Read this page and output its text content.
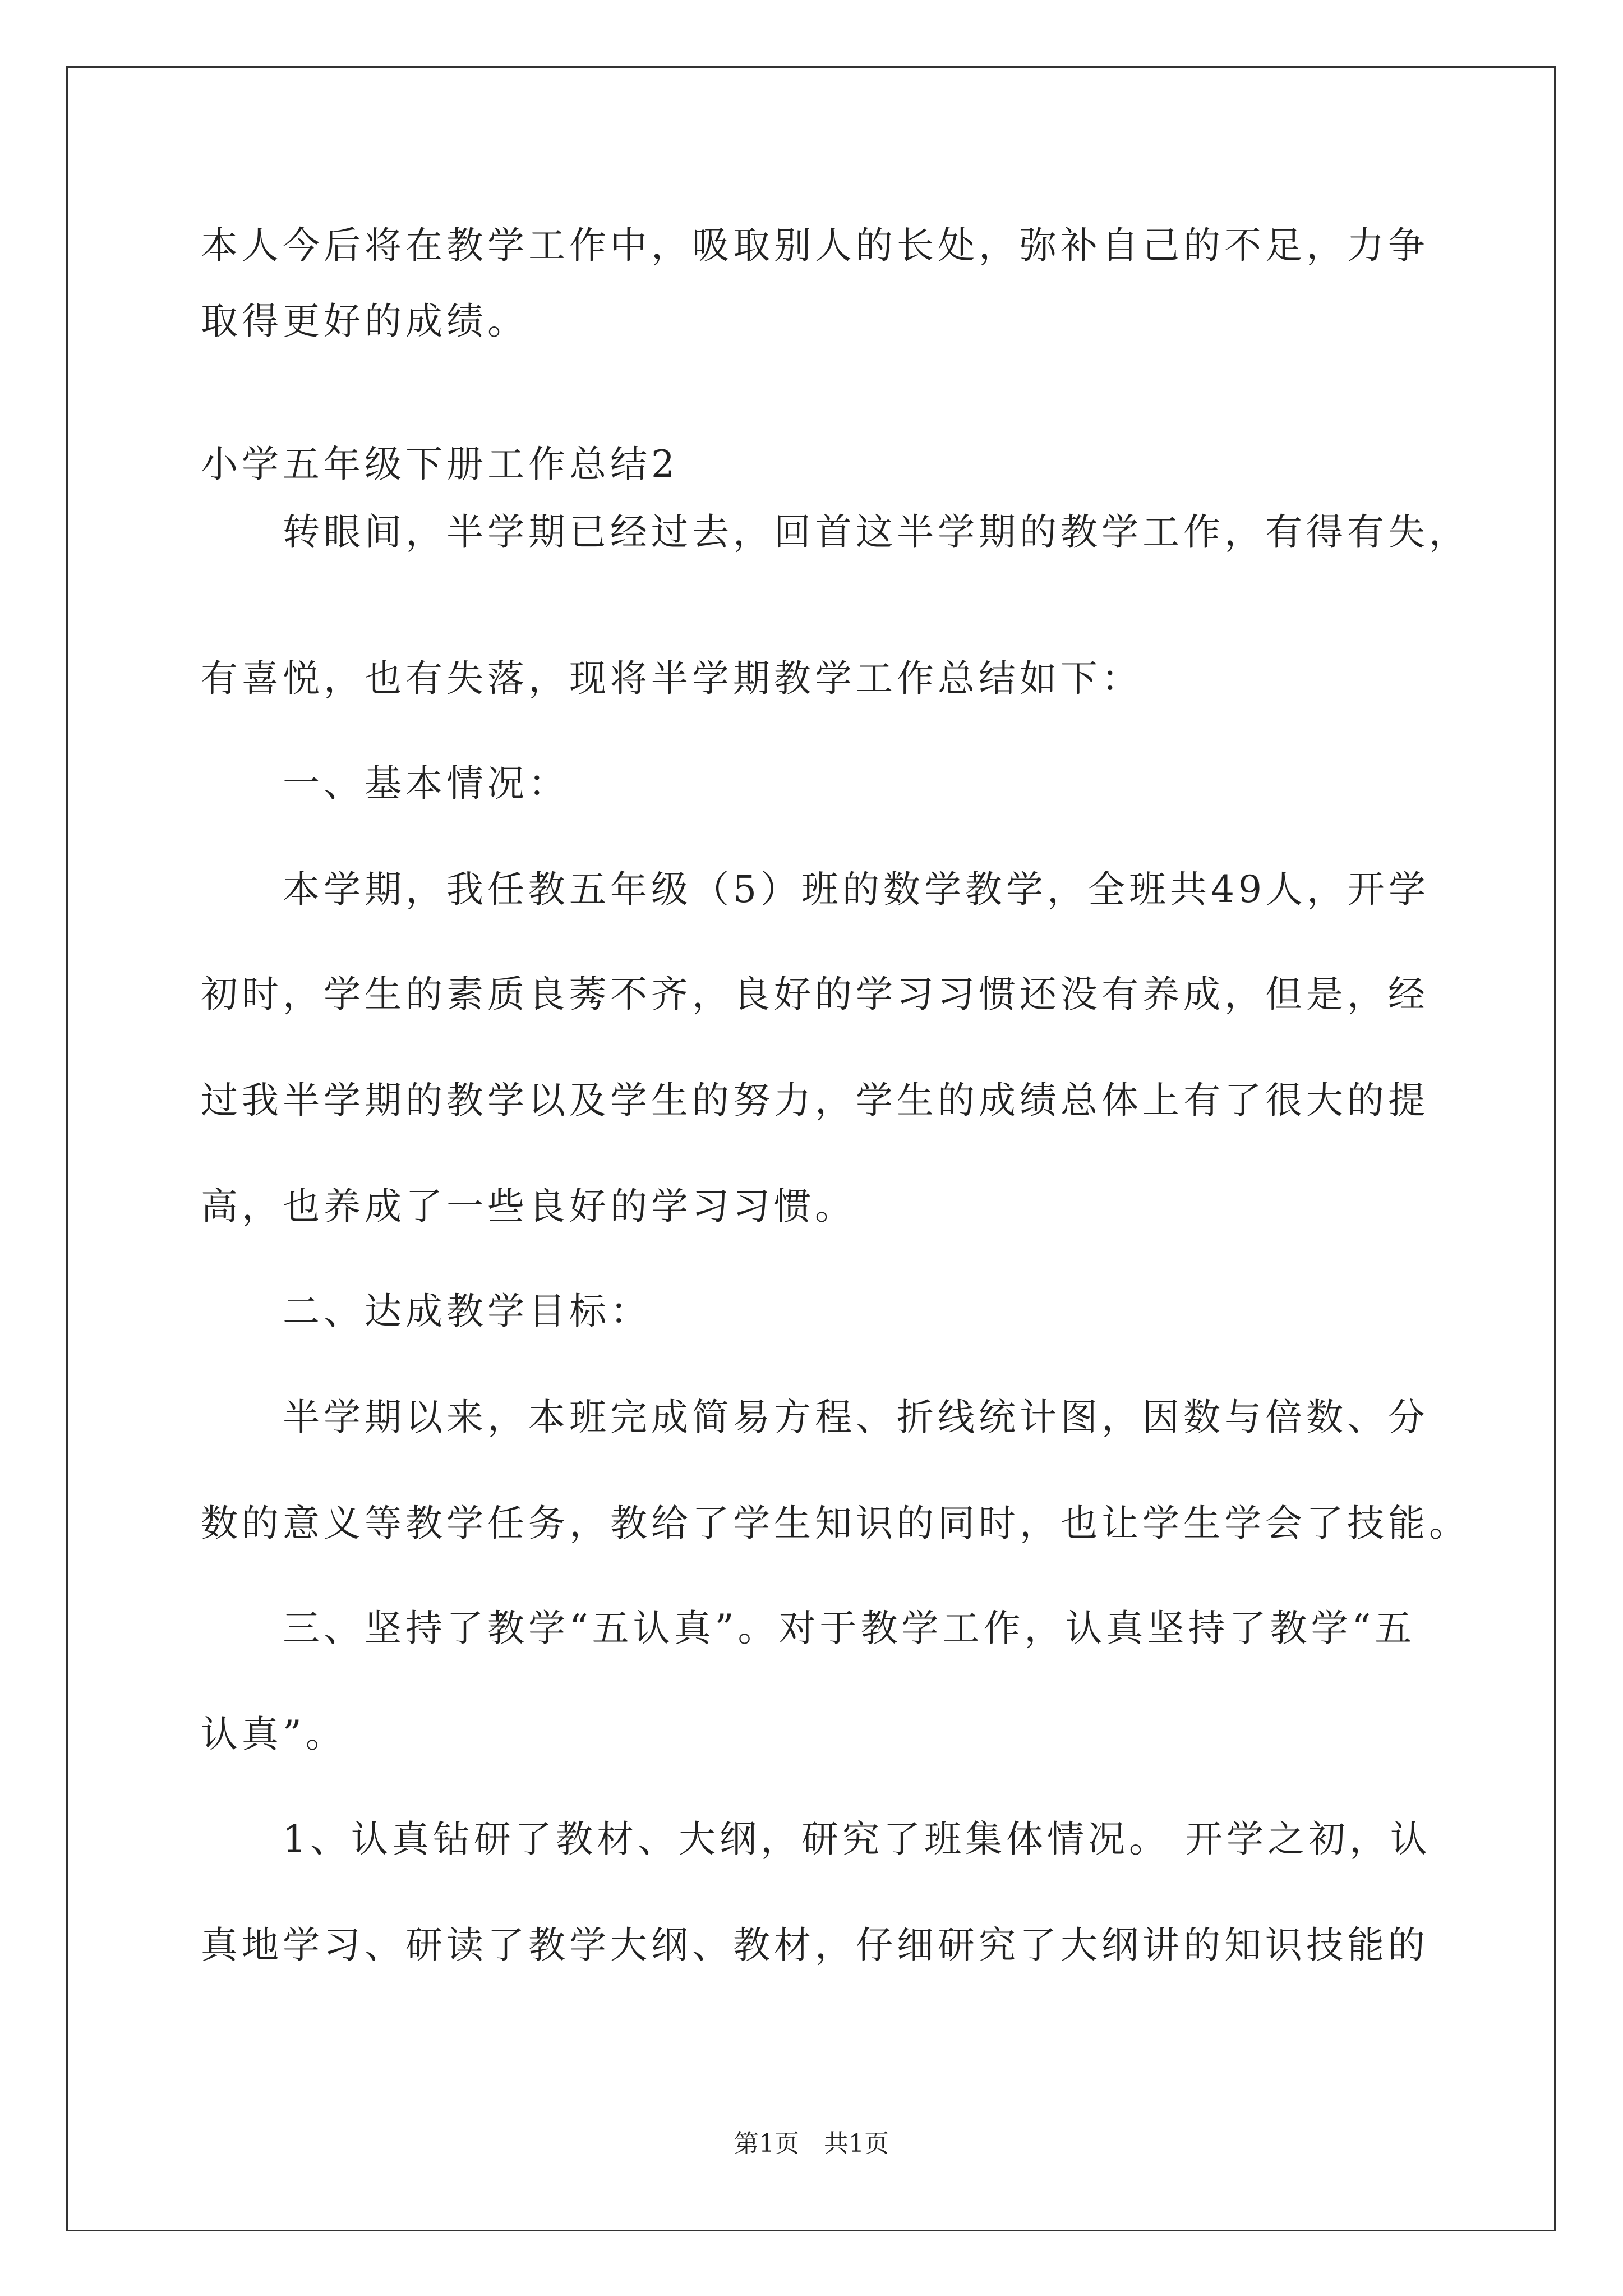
本人今后将在教学工作中，吸取别人的长处，弥补自己的不足，力争
取得更好的成绩。
小学五年级下册工作总结2
转眼间，半学期已经过去，回首这半学期的教学工作，有得有失，
有喜悦，也有失落，现将半学期教学工作总结如下：
一、基本情况：
本学期，我任教五年级（5）班的数学教学，全班共49人，开学
初时，学生的素质良莠不齐，良好的学习习惯还没有养成，但是，经
过我半学期的教学以及学生的努力，学生的成绩总体上有了很大的提
高，也养成了一些良好的学习习惯。
二、达成教学目标：
半学期以来，本班完成简易方程、折线统计图，因数与倍数、分
数的意义等教学任务，教给了学生知识的同时，也让学生学会了技能。
三、坚持了教学“五认真”。对于教学工作，认真坚持了教学“五
认真”。
1、认真钻研了教材、大纲，研究了班集体情况。 开学之初，认
真地学习、研读了教学大纲、教材，仔细研究了大纲讲的知识技能的
第1页　共1页
